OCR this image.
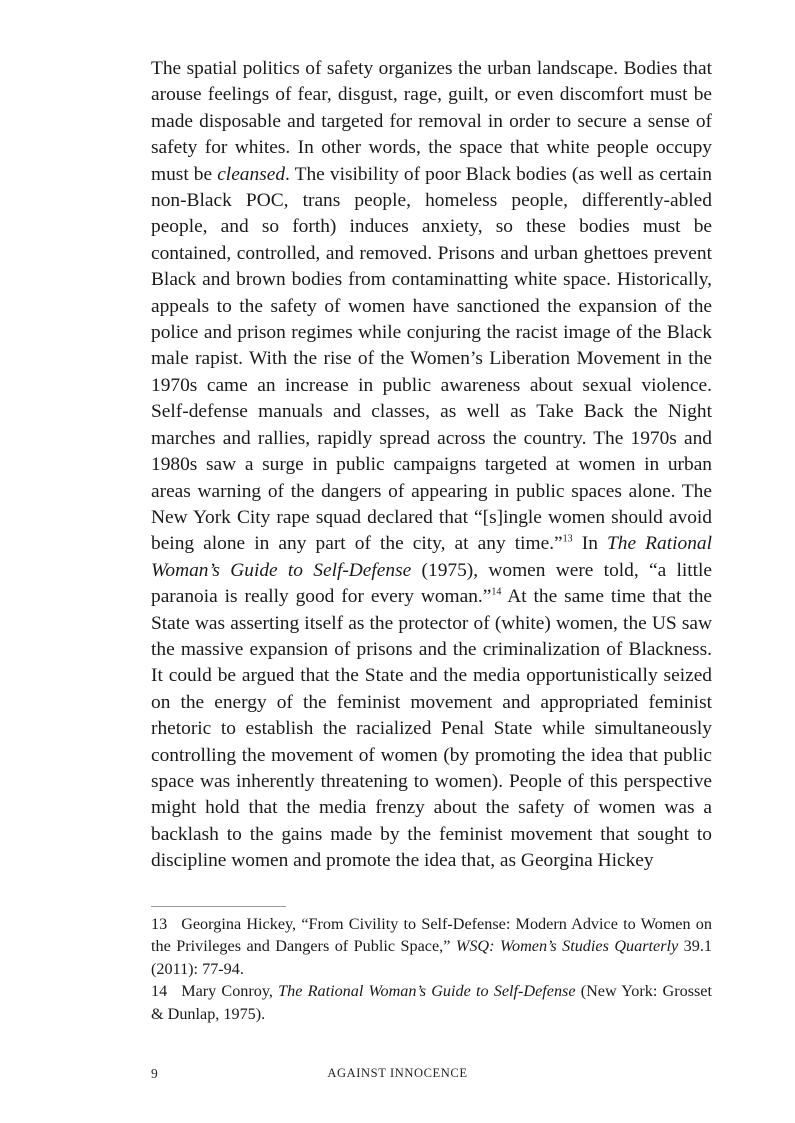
The spatial politics of safety organizes the urban landscape. Bodies that arouse feelings of fear, disgust, rage, guilt, or even discomfort must be made disposable and targeted for removal in order to secure a sense of safety for whites. In other words, the space that white people occupy must be cleansed. The visibility of poor Black bodies (as well as certain non-Black POC, trans people, homeless people, differently-abled people, and so forth) induces anxiety, so these bodies must be contained, controlled, and removed. Prisons and urban ghettoes prevent Black and brown bodies from contaminatting white space. Historically, appeals to the safety of women have sanctioned the expansion of the police and prison regimes while conjuring the racist image of the Black male rapist. With the rise of the Women’s Liberation Movement in the 1970s came an increase in public awareness about sexual violence. Self-defense manuals and classes, as well as Take Back the Night marches and rallies, rapidly spread across the country. The 1970s and 1980s saw a surge in public campaigns targeted at women in urban areas warning of the dangers of appearing in public spaces alone. The New York City rape squad declared that “[s]ingle women should avoid being alone in any part of the city, at any time.”$^{13}$ In The Rational Woman’s Guide to Self-Defense (1975), women were told, “a little paranoia is really good for every woman.”$^{14}$ At the same time that the State was asserting itself as the protector of (white) women, the US saw the massive expansion of prisons and the criminalization of Blackness. It could be argued that the State and the media opportunistically seized on the energy of the feminist movement and appropriated feminist rhetoric to establish the racialized Penal State while simultaneously controlling the movement of women (by promoting the idea that public space was inherently threatening to women). People of this perspective might hold that the media frenzy about the safety of women was a backlash to the gains made by the feminist movement that sought to discipline women and promote the idea that, as Georgina Hickey

13 Georgina Hickey, “From Civility to Self-Defense: Modern Advice to Women on the Privileges and Dangers of Public Space,” WSQ: Women’s Studies Quarterly 39.1 (2011): 77-94.

14 Mary Conroy, The Rational Woman’s Guide to Self-Defense (New York: Grosset & Dunlap, 1975).

9	AGAINST INNOCENCE
